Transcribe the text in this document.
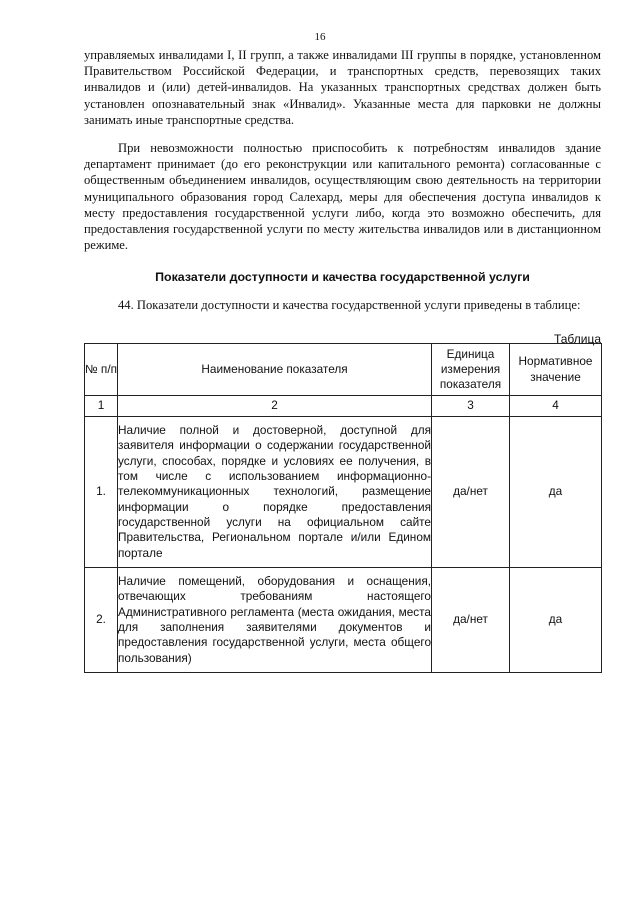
16

управляемых инвалидами I, II групп, а также инвалидами III группы в порядке, установленном Правительством Российской Федерации, и транспортных средств, перевозящих таких инвалидов и (или) детей-инвалидов. На указанных транспортных средствах должен быть установлен опознавательный знак «Инвалид». Указанные места для парковки не должны занимать иные транспортные средства.

При невозможности полностью приспособить к потребностям инвалидов здание департамент принимает (до его реконструкции или капитального ремонта) согласованные с общественным объединением инвалидов, осуществляющим свою деятельность на территории муниципального образования город Салехард, меры для обеспечения доступа инвалидов к месту предоставления государственной услуги либо, когда это возможно обеспечить, для предоставления государственной услуги по месту жительства инвалидов или в дистанционном режиме.

Показатели доступности и качества государственной услуги

44. Показатели доступности и качества государственной услуги приведены в таблице:

Таблица
№ п/п	Наименование показателя	Единица измерения показателя	Нормативное значение
1	2	3	4
1.	Наличие полной и достоверной, доступной для заявителя информации о содержании государственной услуги, способах, порядке и условиях ее получения, в том числе с использованием информационно-телекоммуникационных технологий, размещение информации о порядке предоставления государственной услуги на официальном сайте Правительства, Региональном портале и/или Едином портале	да/нет	да
2.	Наличие помещений, оборудования и оснащения, отвечающих требованиям настоящего Административного регламента (места ожидания, места для заполнения заявителями документов и предоставления государственной услуги, места общего пользования)	да/нет	да
